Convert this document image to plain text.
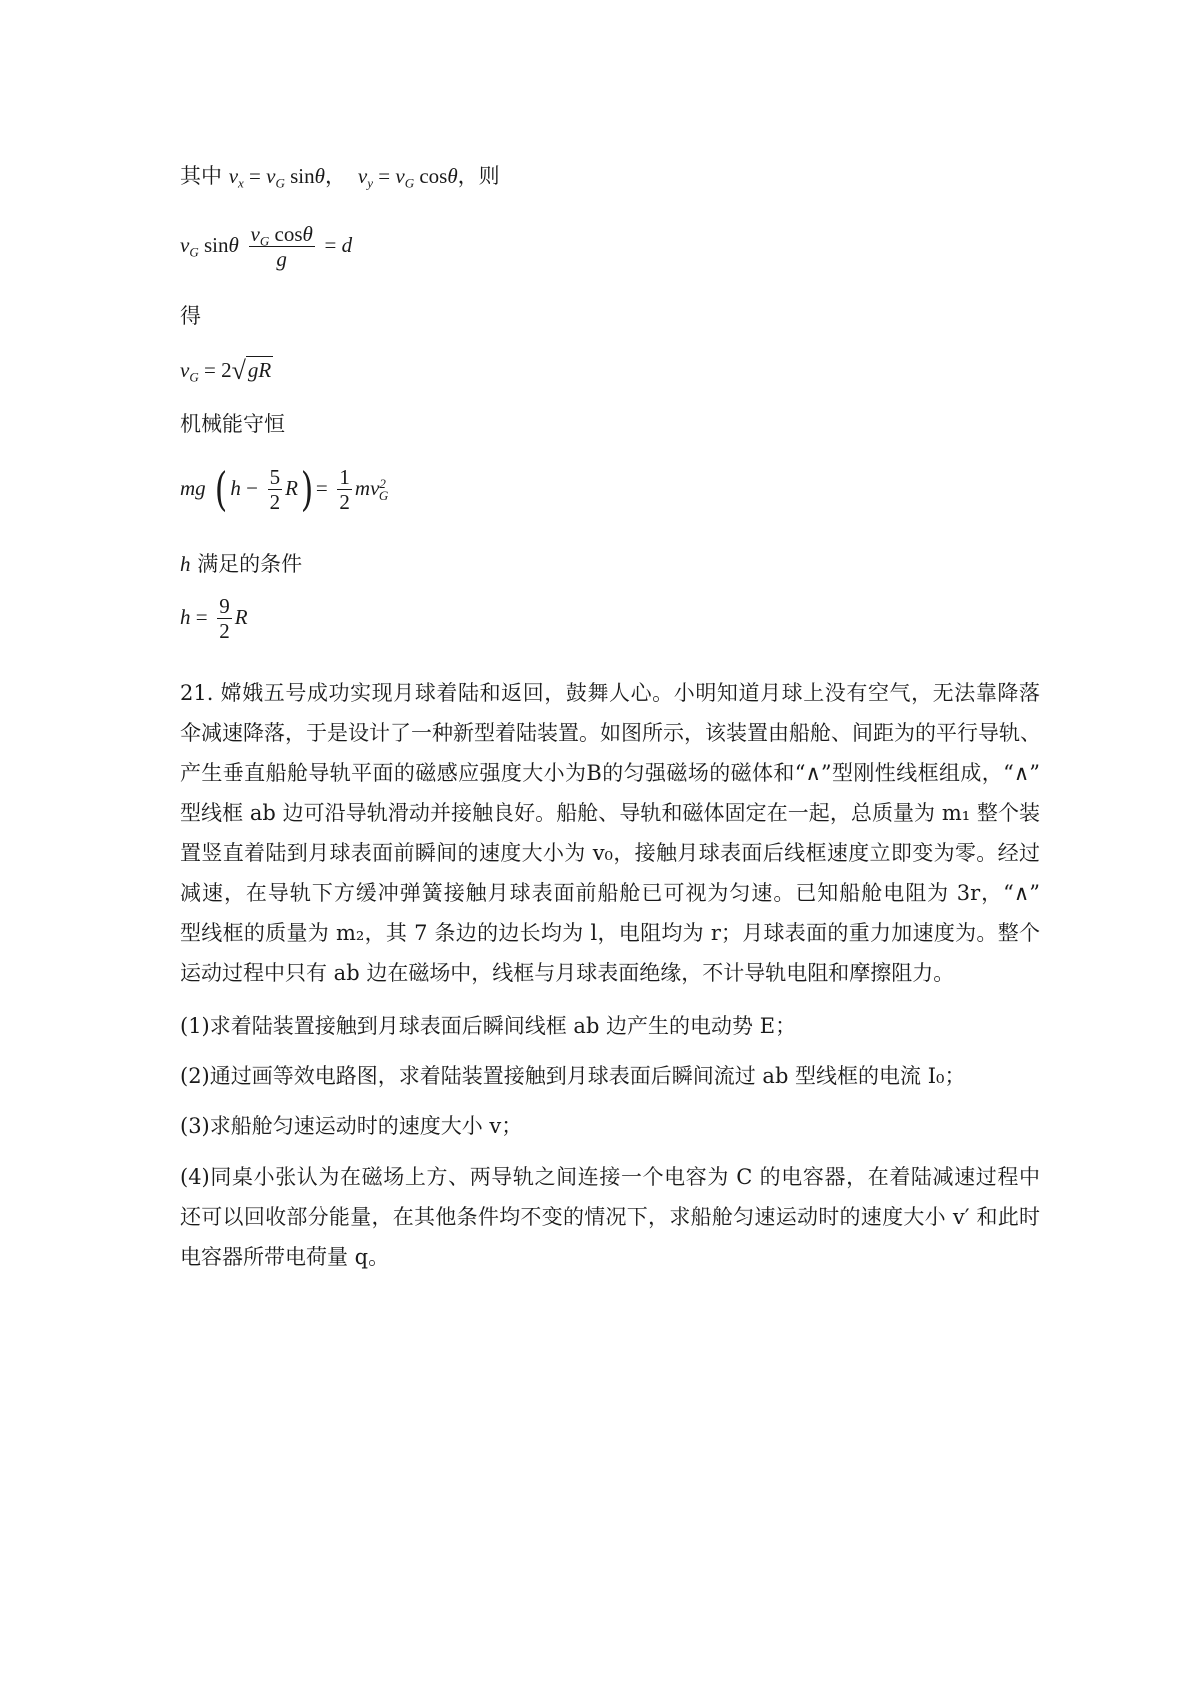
其中 $v_x = v_G$ sinθ，  $v_y = v_G$ cosθ，则
$v_G$ sinθ $\frac{v_G \cos\theta}{g} = d$
得
$v_G = 2√gR$
机械能守恒
mg ( $h - \frac{5}{2} R) = \frac{1}{2} mv^2_G$
h 满足的条件
$h = \frac{9}{2}$ R
21. 嫦娥五号成功实现月球着陆和返回，鼓舞人心。小明知道月球上没有空气，无法靠降落
伞减速降落，于是设计了一种新型着陆装置。如图所示，该装置由船舱、间距为的平行导轨、
产生垂直船舱导轨平面的磁感应强度大小为B的匀强磁场的磁体和“∧”型刚性线框组成，“∧”
型线框 ab 边可沿导轨滑动并接触良好。船舱、导轨和磁体固定在一起，总质量为 m₁ 整个装
置竖直着陆到月球表面前瞬间的速度大小为 v₀，接触月球表面后线框速度立即变为零。经过
减速，在导轨下方缓冲弹簧接触月球表面前船舱已可视为匀速。已知船舱电阻为 3r，“∧”
型线框的质量为 m₂，其 7 条边的边长均为 l，电阻均为 r；月球表面的重力加速度为。整个
运动过程中只有 ab 边在磁场中，线框与月球表面绝缘，不计导轨电阻和摩擦阻力。
(1)求着陆装置接触到月球表面后瞬间线框 ab 边产生的电动势 E；
(2)通过画等效电路图，求着陆装置接触到月球表面后瞬间流过 ab 型线框的电流 I₀；
(3)求船舱匀速运动时的速度大小 v；
(4)同桌小张认为在磁场上方、两导轨之间连接一个电容为 C 的电容器，在着陆减速过程中
还可以回收部分能量，在其他条件均不变的情况下，求船舱匀速运动时的速度大小 v′ 和此时
电容器所带电荷量 q。
